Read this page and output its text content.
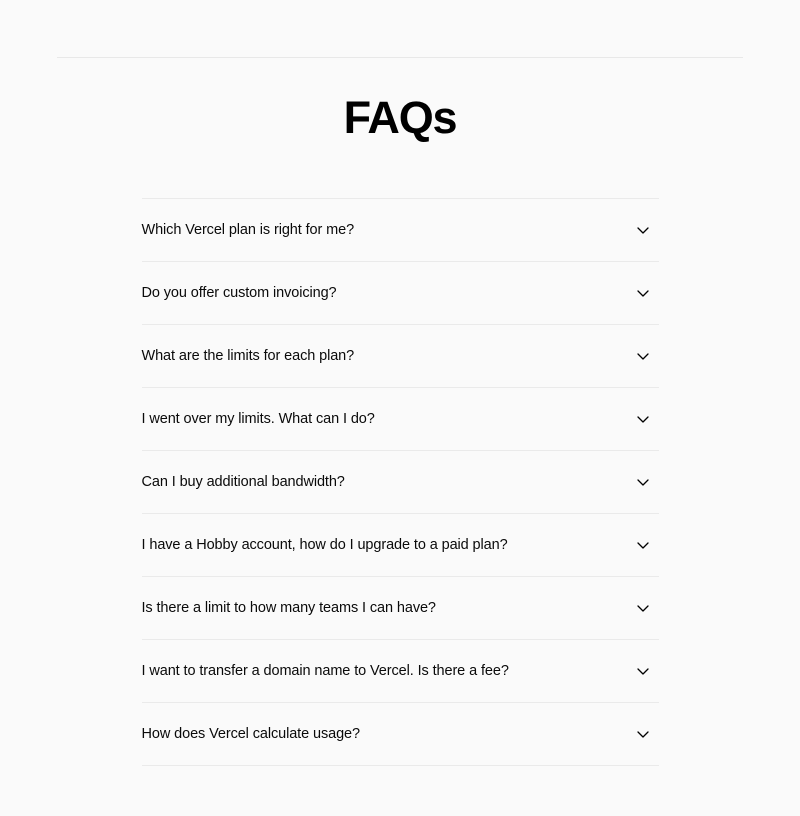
FAQs
Which Vercel plan is right for me?
Do you offer custom invoicing?
What are the limits for each plan?
I went over my limits. What can I do?
Can I buy additional bandwidth?
I have a Hobby account, how do I upgrade to a paid plan?
Is there a limit to how many teams I can have?
I want to transfer a domain name to Vercel. Is there a fee?
How does Vercel calculate usage?
